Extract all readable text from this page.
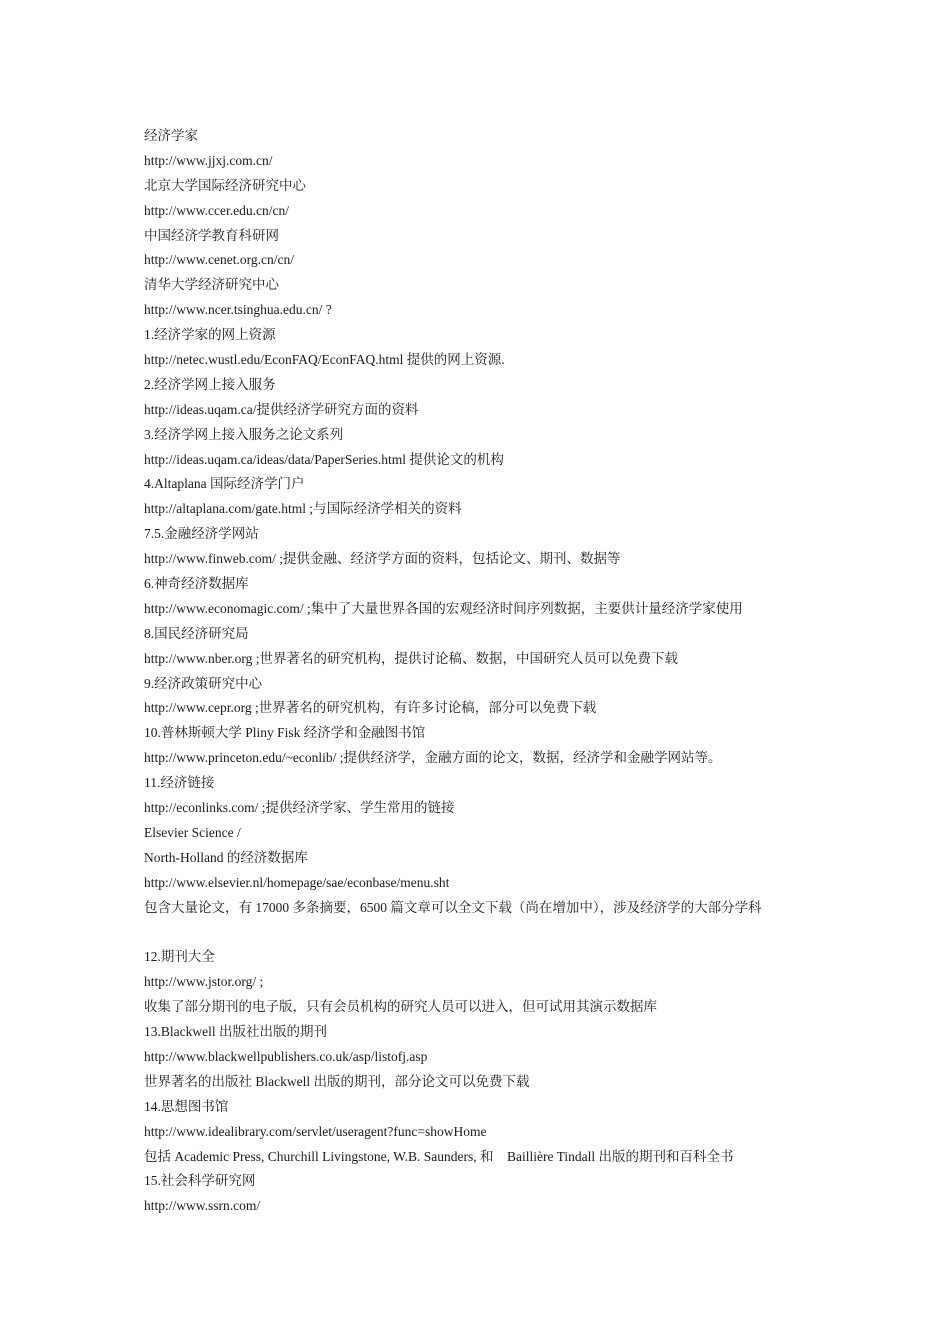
经济学家
http://www.jjxj.com.cn/
北京大学国际经济研究中心
http://www.ccer.edu.cn/cn/
中国经济学教育科研网
http://www.cenet.org.cn/cn/
清华大学经济研究中心
http://www.ncer.tsinghua.edu.cn/ ?
1.经济学家的网上资源
http://netec.wustl.edu/EconFAQ/EconFAQ.html 提供的网上资源.
2.经济学网上接入服务
http://ideas.uqam.ca/提供经济学研究方面的资料
3.经济学网上接入服务之论文系列
http://ideas.uqam.ca/ideas/data/PaperSeries.html 提供论文的机构
4.Altaplana 国际经济学门户
http://altaplana.com/gate.html ;与国际经济学相关的资料
7.5.金融经济学网站
http://www.finweb.com/ ;提供金融、经济学方面的资料，包括论文、期刊、数据等
6.神奇经济数据库
http://www.economagic.com/ ;集中了大量世界各国的宏观经济时间序列数据，主要供计量经济学家使用
8.国民经济研究局
http://www.nber.org ;世界著名的研究机构，提供讨论稿、数据，中国研究人员可以免费下载
9.经济政策研究中心
http://www.cepr.org ;世界著名的研究机构，有许多讨论稿，部分可以免费下载
10.普林斯顿大学 Pliny Fisk 经济学和金融图书馆
http://www.princeton.edu/~econlib/ ;提供经济学，金融方面的论文，数据，经济学和金融学网站等。
11.经济链接
http://econlinks.com/ ;提供经济学家、学生常用的链接
Elsevier Science /
North-Holland 的经济数据库
http://www.elsevier.nl/homepage/sae/econbase/menu.sht
包含大量论文，有 17000 多条摘要，6500 篇文章可以全文下载（尚在增加中），涉及经济学的大部分学科
12.期刊大全
http://www.jstor.org/ ;
收集了部分期刊的电子版，只有会员机构的研究人员可以进入，但可试用其演示数据库
13.Blackwell 出版社出版的期刊
http://www.blackwellpublishers.co.uk/asp/listofj.asp
世界著名的出版社 Blackwell 出版的期刊，部分论文可以免费下载
14.思想图书馆
http://www.idealibrary.com/servlet/useragent?func=showHome
包括 Academic Press, Churchill Livingstone, W.B. Saunders, 和　Baillière Tindall 出版的期刊和百科全书
15.社会科学研究网
http://www.ssrn.com/
